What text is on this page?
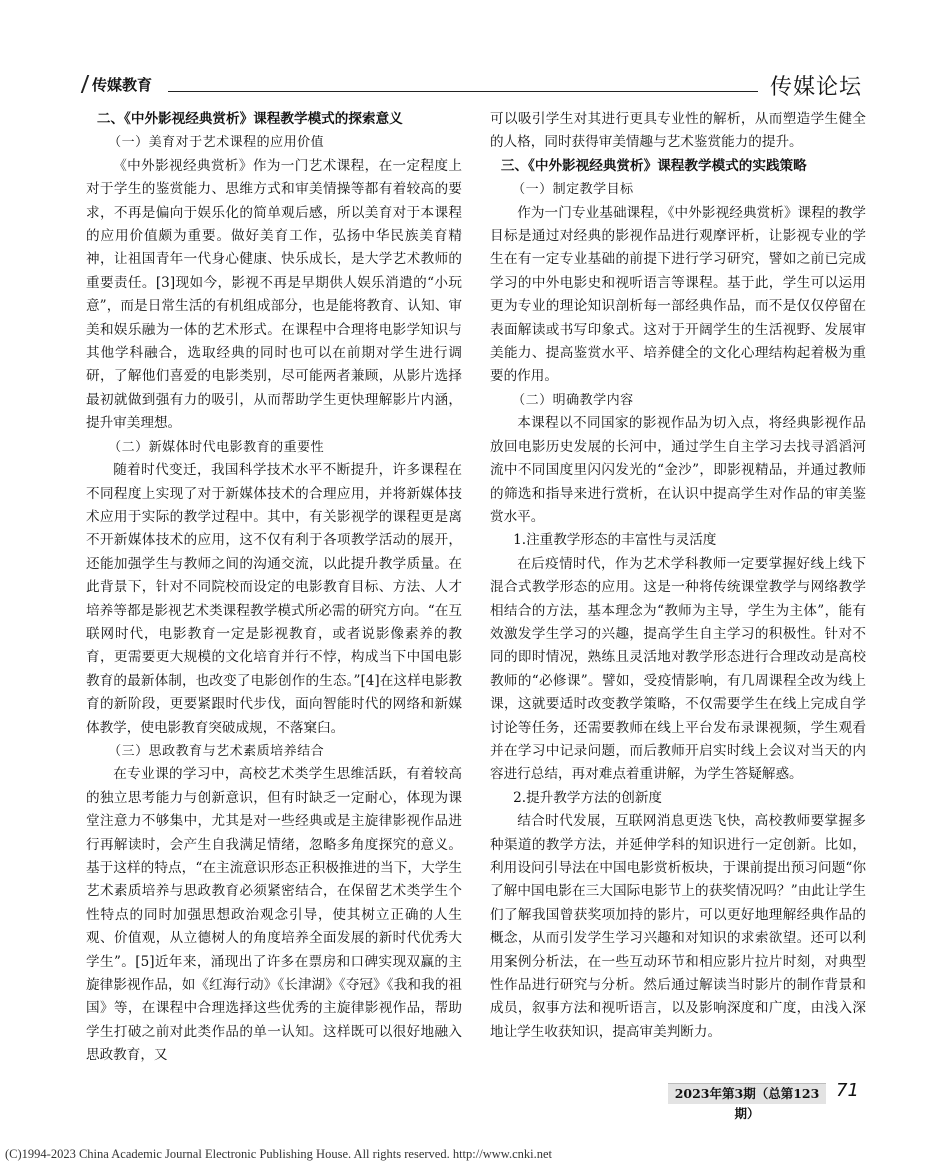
传媒教育	传媒论坛
二、《中外影视经典赏析》课程教学模式的探索意义
（一）美育对于艺术课程的应用价值

《中外影视经典赏析》作为一门艺术课程，在一定程度上对于学生的鉴赏能力、思维方式和审美情操等都有着较高的要求，不再是偏向于娱乐化的简单观后感，所以美育对于本课程的应用价值颇为重要。做好美育工作，弘扬中华民族美育精神，让祖国青年一代身心健康、快乐成长，是大学艺术教师的重要责任。[3]现如今，影视不再是早期供人娱乐消遣的“小玩意”，而是日常生活的有机组成部分，也是能将教育、认知、审美和娱乐融为一体的艺术形式。在课程中合理将电影学知识与其他学科融合，选取经典的同时也可以在前期对学生进行调研，了解他们喜爱的电影类别，尽可能两者兼顾，从影片选择最初就做到强有力的吸引，从而帮助学生更快理解影片内涵，提升审美理想。

（二）新媒体时代电影教育的重要性

随着时代变迁，我国科学技术水平不断提升，许多课程在不同程度上实现了对于新媒体技术的合理应用，并将新媒体技术应用于实际的教学过程中。其中，有关影视学的课程更是离不开新媒体技术的应用，这不仅有利于各项教学活动的展开，还能加强学生与教师之间的沟通交流，以此提升教学质量。在此背景下，针对不同院校而设定的电影教育目标、方法、人才培养等都是影视艺术类课程教学模式所必需的研究方向。“在互联网时代，电影教育一定是影视教育，或者说影像素养的教育，更需要更大规模的文化培育并行不悖，构成当下中国电影教育的最新体制，也改变了电影创作的生态。”[4]在这样电影教育的新阶段，更要紧跟时代步伐，面向智能时代的网络和新媒体教学，使电影教育突破成规，不落窠臼。

（三）思政教育与艺术素质培养结合

在专业课的学习中，高校艺术类学生思维活跃，有着较高的独立思考能力与创新意识，但有时缺乏一定耐心，体现为课堂注意力不够集中，尤其是对一些经典或是主旋律影视作品进行再解读时，会产生自我满足情绪，忽略多角度探究的意义。基于这样的特点，“在主流意识形态正积极推进的当下，大学生艺术素质培养与思政教育必须紧密结合，在保留艺术类学生个性特点的同时加强思想政治观念引导，使其树立正确的人生观、价值观，从立德树人的角度培养全面发展的新时代优秀大学生”。[5]近年来，涌现出了许多在票房和口碑实现双赢的主旋律影视作品，如《红海行动》《长津湖》《夺冠》《我和我的祖国》等，在课程中合理选择这些优秀的主旋律影视作品，帮助学生打破之前对此类作品的单一认知。这样既可以很好地融入思政教育，又

可以吸引学生对其进行更具专业性的解析，从而塑造学生健全的人格，同时获得审美情趣与艺术鉴赏能力的提升。

三、《中外影视经典赏析》课程教学模式的实践策略
（一）制定教学目标

作为一门专业基础课程，《中外影视经典赏析》课程的教学目标是通过对经典的影视作品进行观摩评析，让影视专业的学生在有一定专业基础的前提下进行学习研究，譬如之前已完成学习的中外电影史和视听语言等课程。基于此，学生可以运用更为专业的理论知识剖析每一部经典作品，而不是仅仅停留在表面解读或书写印象式。这对于开阔学生的生活视野、发展审美能力、提高鉴赏水平、培养健全的文化心理结构起着极为重要的作用。

（二）明确教学内容

本课程以不同国家的影视作品为切入点，将经典影视作品放回电影历史发展的长河中，通过学生自主学习去找寻滔滔河流中不同国度里闪闪发光的“金沙”，即影视精品，并通过教师的筛选和指导来进行赏析，在认识中提高学生对作品的审美鉴赏水平。

1.注重教学形态的丰富性与灵活度

在后疫情时代，作为艺术学科教师一定要掌握好线上线下混合式教学形态的应用。这是一种将传统课堂教学与网络教学相结合的方法，基本理念为“教师为主导，学生为主体”，能有效激发学生学习的兴趣，提高学生自主学习的积极性。针对不同的即时情况，熟练且灵活地对教学形态进行合理改动是高校教师的“必修课”。譬如，受疫情影响，有几周课程全改为线上课，这就要适时改变教学策略，不仅需要学生在线上完成自学讨论等任务，还需要教师在线上平台发布录课视频，学生观看并在学习中记录问题，而后教师开启实时线上会议对当天的内容进行总结，再对难点着重讲解，为学生答疑解惑。

2.提升教学方法的创新度

结合时代发展，互联网消息更迭飞快，高校教师要掌握多种渠道的教学方法，并延伸学科的知识进行一定创新。比如，利用设问引导法在中国电影赏析板块，于课前提出预习问题“你了解中国电影在三大国际电影节上的获奖情况吗？”由此让学生们了解我国曾获奖项加持的影片，可以更好地理解经典作品的概念，从而引发学生学习兴趣和对知识的求索欲望。还可以利用案例分析法，在一些互动环节和相应影片拉片时刻，对典型性作品进行研究与分析。然后通过解读当时影片的制作背景和成员，叙事方法和视听语言，以及影响深度和广度，由浅入深地让学生收获知识，提高审美判断力。

2023年第3期（总第123期）
71
(C)1994-2023 China Academic Journal Electronic Publishing House. All rights reserved. http://www.cnki.net
